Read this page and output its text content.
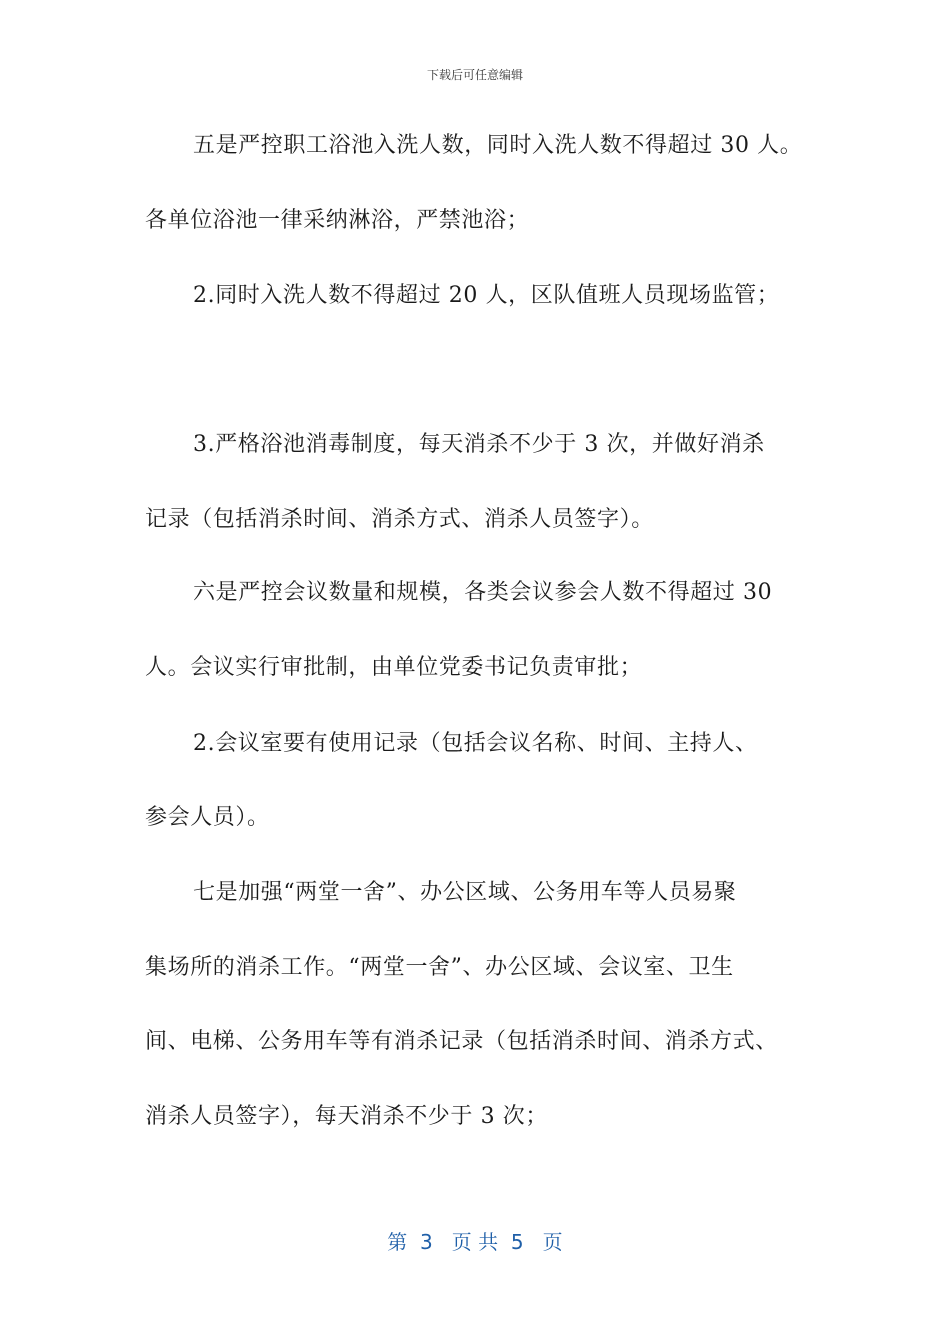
下载后可任意编辑
五是严控职工浴池入洗人数，同时入洗人数不得超过 30 人。
各单位浴池一律采纳淋浴，严禁池浴；
2.同时入洗人数不得超过 20 人，区队值班人员现场监管；
3.严格浴池消毒制度，每天消杀不少于 3 次，并做好消杀
记录（包括消杀时间、消杀方式、消杀人员签字）。
六是严控会议数量和规模，各类会议参会人数不得超过 30
人。会议实行审批制，由单位党委书记负责审批；
2.会议室要有使用记录（包括会议名称、时间、主持人、
参会人员）。
七是加强“两堂一舍”、办公区域、公务用车等人员易聚
集场所的消杀工作。“两堂一舍”、办公区域、会议室、卫生
间、电梯、公务用车等有消杀记录（包括消杀时间、消杀方式、
消杀人员签字），每天消杀不少于 3 次；
第  3   页 共  5   页
